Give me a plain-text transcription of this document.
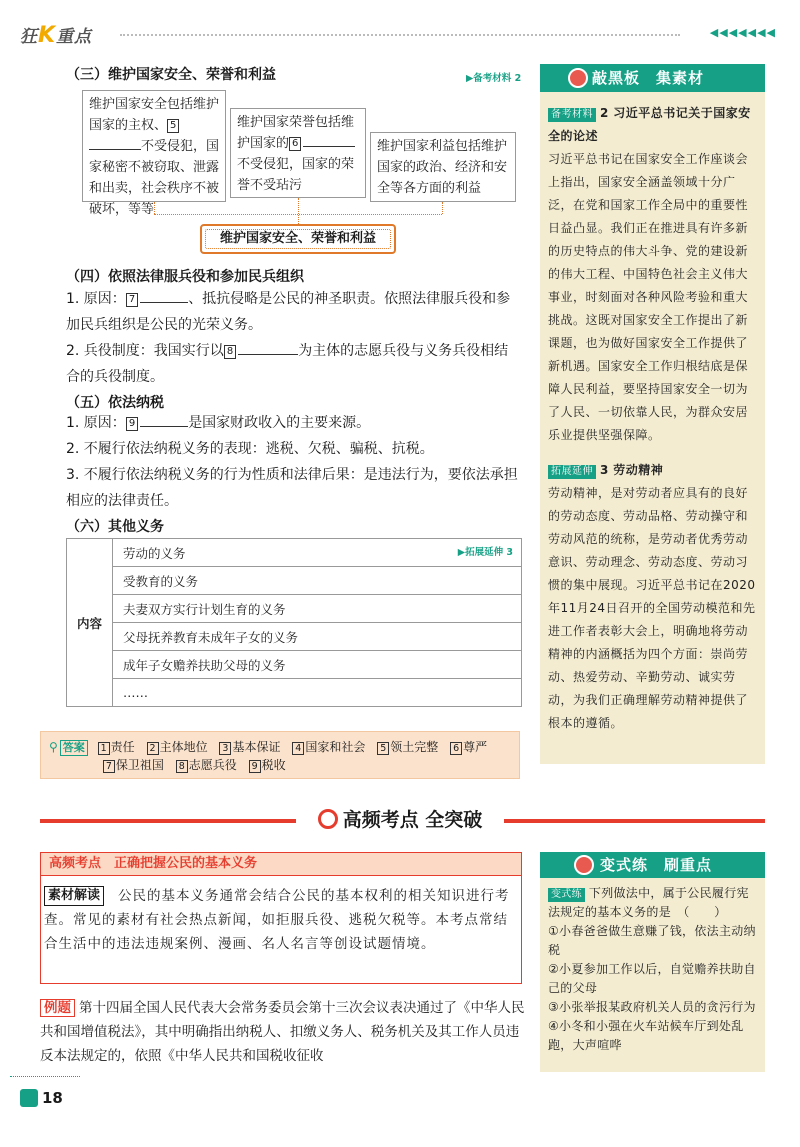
狂K重点	◀◀◀◀◀◀◀
（三）维护国家安全、荣誉和利益	▶备考材料 2
维护国家安全包括维护国家的主权、 5不受侵犯，国家秘密不被窃取、泄露和出卖，社会秩序不被破坏，等等
维护国家荣誉包括维护国家的 6不受侵犯，国家的荣誉不受玷污
维护国家利益包括维护国家的政治、经济和安全等各方面的利益
维护国家安全、荣誉和利益
（四）依照法律服兵役和参加民兵组织
1. 原因： 7	、抵抗侵略是公民的神圣职责。依照法律服兵役和参加民兵组织是公民的光荣义务。
2. 兵役制度：我国实行以 8	为主体的志愿兵役与义务兵役相结合的兵役制度。
（五）依法纳税
1. 原因： 9	是国家财政收入的主要来源。
2. 不履行依法纳税义务的表现：逃税、欠税、骗税、抗税。
3. 不履行依法纳税义务的行为性质和法律后果：是违法行为，要依法承担相应的法律责任。
（六）其他义务
内容	劳动的义务	▶拓展延伸 3

受教育的义务
夫妻双方实行计划生育的义务
父母抚养教育未成年子女的义务
成年子女赡养扶助父母的义务
……
⚲ 答案 1 责任 2 主体地位 3 基本保证 4 国家和社会 5 领土完整 6 尊严
7 保卫祖国 8 志愿兵役 9 税收
敲黑板　集素材
备考材料 2 习近平总书记关于国家安全的论述
习近平总书记在国家安全工作座谈会上指出，国家安全涵盖领域十分广泛，在党和国家工作全局中的重要性日益凸显。我们正在推进具有许多新的历史特点的伟大斗争、党的建设新的伟大工程、中国特色社会主义伟大事业，时刻面对各种风险考验和重大挑战。这既对国家安全工作提出了新课题，也为做好国家安全工作提供了新机遇。国家安全工作归根结底是保障人民利益，要坚持国家安全一切为了人民、一切依靠人民，为群众安居乐业提供坚强保障。
拓展延伸 3 劳动精神
劳动精神，是对劳动者应具有的良好的劳动态度、劳动品格、劳动操守和劳动风范的统称，是劳动者优秀劳动意识、劳动理念、劳动态度、劳动习惯的集中展现。习近平总书记在2020年11月24日召开的全国劳动模范和先进工作者表彰大会上，明确地将劳动精神的内涵概括为四个方面：崇尚劳动、热爱劳动、辛勤劳动、诚实劳动，为我们正确理解劳动精神提供了根本的遵循。
高频考点 全突破
高频考点　正确把握公民的基本义务
公民的基本义务通常会结合公民的基本权利的相关知识进行考查。常见的素材有社会热点新闻，如拒服兵役、逃税欠税等。本考点常结合生活中的违法违规案例、漫画、名人名言等创设试题情境。
素材解读
例题 第十四届全国人民代表大会常务委员会第十三次会议表决通过了《中华人民共和国增值税法》，其中明确指出纳税人、扣缴义务人、税务机关及其工作人员违反本法规定的，依照《中华人民共和国税收征收
变式练　刷重点
变式练 下列做法中，属于公民履行宪法规定的基本义务的是　（　　）
①小春爸爸做生意赚了钱，依法主动纳税
②小夏参加工作以后，自觉赡养扶助自己的父母
③小张举报某政府机关人员的贪污行为
④小冬和小强在火车站候车厅到处乱跑，大声喧哗
18
